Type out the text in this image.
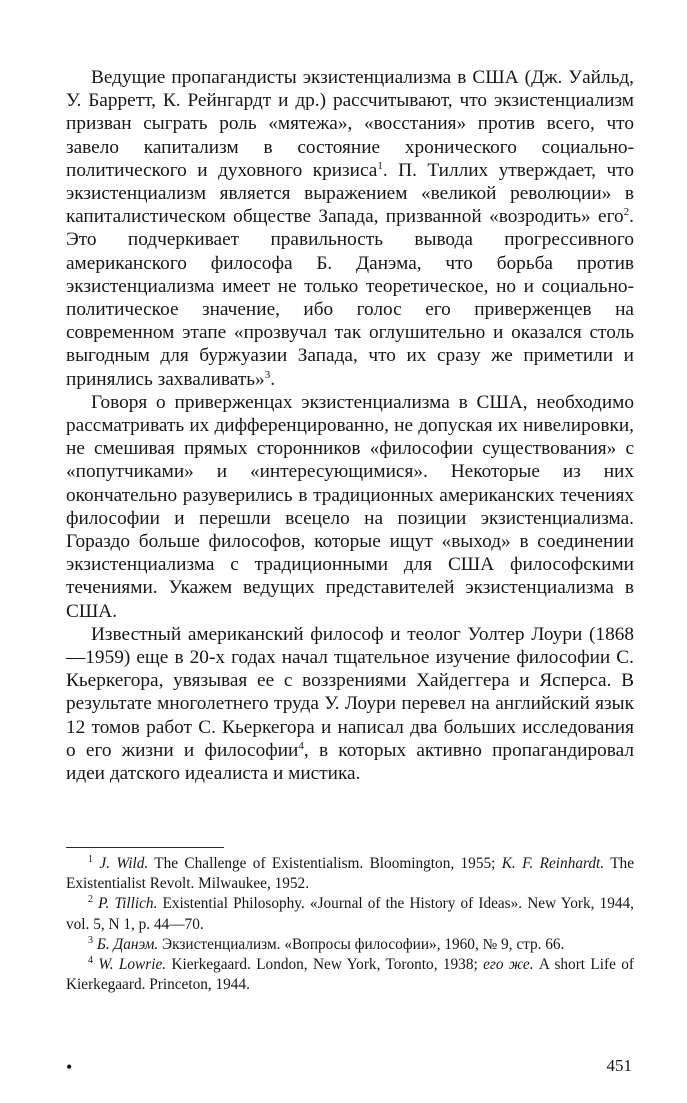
Ведущие пропагандисты экзистенциализма в США (Дж. Уайльд, У. Барретт, К. Рейнгардт и др.) рассчитывают, что экзистенциализм призван сыграть роль «мятежа», «восстания» против всего, что завело капитализм в состояние хронического социально-политического и духовного кризиса$^1$. П. Тиллих утверждает, что экзистенциализм является выражением «великой революции» в капиталистическом обществе Запада, призванной «возродить» его$^2$. Это подчеркивает правильность вывода прогрессивного американского философа Б. Данэма, что борьба против экзистенциализма имеет не только теоретическое, но и социально-политическое значение, ибо голос его приверженцев на современном этапе «прозвучал так оглушительно и оказался столь выгодным для буржуазии Запада, что их сразу же приметили и принялись захваливать»$^3$.

Говоря о приверженцах экзистенциализма в США, необходимо рассматривать их дифференцированно, не допуская их нивелировки, не смешивая прямых сторонников «философии существования» с «попутчиками» и «интересующимися». Некоторые из них окончательно разуверились в традиционных американских течениях философии и перешли всецело на позиции экзистенциализма. Гораздо больше философов, которые ищут «выход» в соединении экзистенциализма с традиционными для США философскими течениями. Укажем ведущих представителей экзистенциализма в США.

Известный американский философ и теолог Уолтер Лоури (1868—1959) еще в 20-х годах начал тщательное изучение философии С. Кьеркегора, увязывая ее с воззрениями Хайдеггера и Ясперса. В результате многолетнего труда У. Лоури перевел на английский язык 12 томов работ С. Кьеркегора и написал два больших исследования о его жизни и философии$^4$, в которых активно пропагандировал идеи датского идеалиста и мистика.

$^1$ J. Wild. The Challenge of Existentialism. Bloomington, 1955; K. F. Reinhardt. The Existentialist Revolt. Milwaukee, 1952.

$^2$ P. Tillich. Existential Philosophy. «Journal of the History of Ideas». New York, 1944, vol. 5, N 1, p. 44—70.

$^3$ Б. Данэм. Экзистенциализм. «Вопросы философии», 1960, № 9, стр. 66.

$^4$ W. Lowrie. Kierkegaard. London, New York, Toronto, 1938; его же. A short Life of Kierkegaard. Princeton, 1944.

•	451
